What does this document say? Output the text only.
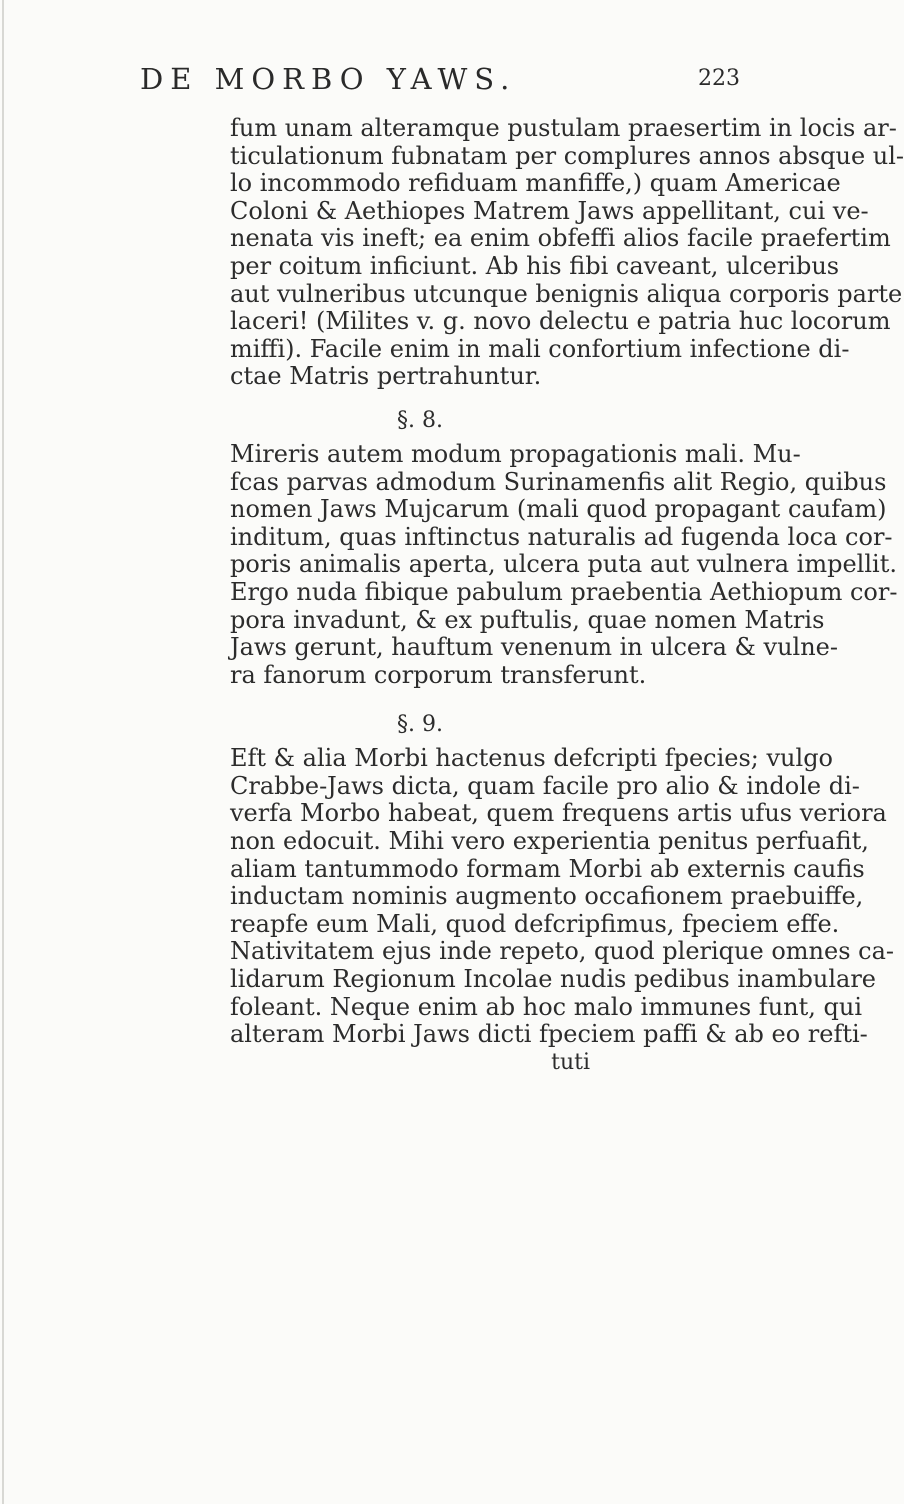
DE MORBO YAWS.	223
fum unam alteramque pustulam praesertim in locis ar-
ticulationum fubnatam per complures annos absque ul-
lo incommodo refiduam manfiffe,) quam Americae
Coloni & Aethiopes Matrem Jaws appellitant, cui ve-
nenata vis ineft; ea enim obfeffi alios facile praefertim
per coitum inficiunt. Ab his fibi caveant, ulceribus
aut vulneribus utcunque benignis aliqua corporis parte
laceri! (Milites v. g. novo delectu e patria huc locorum
miffi). Facile enim in mali confortium infectione di-
ctae Matris pertrahuntur.
§. 8.
Mireris autem modum propagationis mali. Mu-
fcas parvas admodum Surinamenfis alit Regio, quibus
nomen Jaws Mujcarum (mali quod propagant caufam)
inditum, quas inftinctus naturalis ad fugenda loca cor-
poris animalis aperta, ulcera puta aut vulnera impellit.
Ergo nuda fibique pabulum praebentia Aethiopum cor-
pora invadunt, & ex puftulis, quae nomen Matris
Jaws gerunt, hauftum venenum in ulcera & vulne-
ra fanorum corporum transferunt.
§. 9.
Eft & alia Morbi hactenus defcripti fpecies; vulgo
Crabbe-Jaws dicta, quam facile pro alio & indole di-
verfa Morbo habeat, quem frequens artis ufus veriora
non edocuit. Mihi vero experientia penitus perfuafit,
aliam tantummodo formam Morbi ab externis caufis
inductam nominis augmento occafionem praebuiffe,
reapfe eum Mali, quod defcripfimus, fpeciem effe.
Nativitatem ejus inde repeto, quod plerique omnes ca-
lidarum Regionum Incolae nudis pedibus inambulare
foleant. Neque enim ab hoc malo immunes funt, qui
alteram Morbi Jaws dicti fpeciem paffi & ab eo refti-
tuti
